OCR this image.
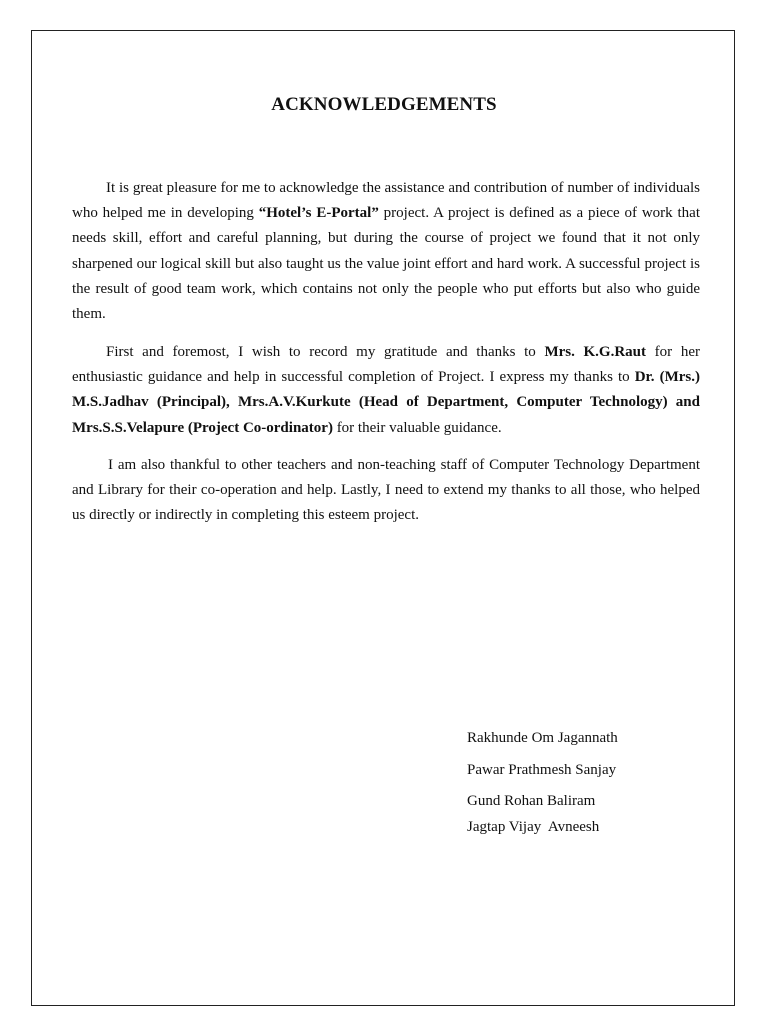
ACKNOWLEDGEMENTS

It is great pleasure for me to acknowledge the assistance and contribution of number of individuals who helped me in developing “Hotel’s E-Portal” project. A project is defined as a piece of work that needs skill, effort and careful planning, but during the course of project we found that it not only sharpened our logical skill but also taught us the value joint effort and hard work. A successful project is the result of good team work, which contains not only the people who put efforts but also who guide them.

First and foremost, I wish to record my gratitude and thanks to Mrs. K.G.Raut for her enthusiastic guidance and help in successful completion of Project. I express my thanks to Dr. (Mrs.) M.S.Jadhav (Principal), Mrs.A.V.Kurkute (Head of Department, Computer Technology) and Mrs.S.S.Velapure (Project Co-ordinator) for their valuable guidance.

I am also thankful to other teachers and non-teaching staff of Computer Technology Department and Library for their co-operation and help. Lastly, I need to extend my thanks to all those, who helped us directly or indirectly in completing this esteem project.

Rakhunde Om Jagannath
Pawar Prathmesh Sanjay
Gund Rohan Baliram
Jagtap Vijay  Avneesh
